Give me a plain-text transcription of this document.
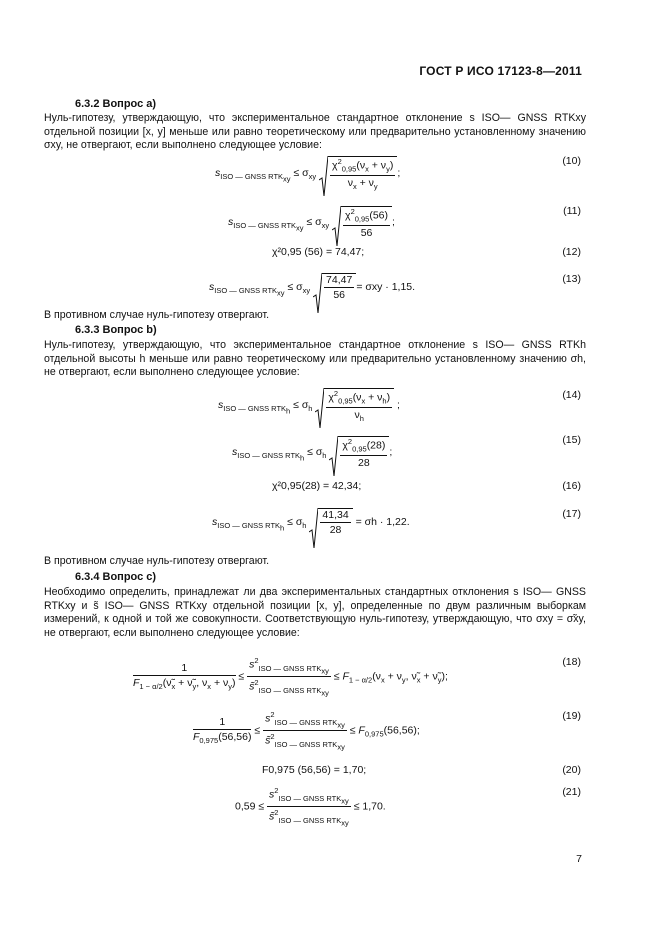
ГОСТ Р ИСО 17123-8—2011
6.3.2 Вопрос а)
Нуль-гипотезу, утверждающую, что экспериментальное стандартное отклонение s ISO— GNSS RTKxy отдельной позиции [x, y] меньше или равно теоретическому или предварительно установленному значению σxy, не отвергают, если выполнено следующее условие:
$s_{ISO — GNSS RTK_{xy}} \le \sigma_{xy} \frac{\chi^2_{0,95}(\nu_x + \nu_y)}{\nu_x + \nu_y}$ ;
(10)
$s_{ISO — GNSS RTK_{xy}} \le \sigma_{xy} \frac{\chi^2_{0,95}(56)}{56}$ ;
(11)
χ²0,95 (56) = 74,47;	(12)
$s_{ISO — GNSS RTK_{xy}} \le \sigma_{xy} \frac{74,47}{56} = \sigma xy \cdot 1,15$.
(13)
В противном случае нуль-гипотезу отвергают.
6.3.3 Вопрос b)
Нуль-гипотезу, утверждающую, что экспериментальное стандартное отклонение s ISO— GNSS RTKh отдельной высоты h меньше или равно теоретическому или предварительно установленному значению σh, не отвергают, если выполнено следующее условие:
$s_{ISO — GNSS RTK_h} \le \sigma_h \frac{\chi^2_{0,95}(\nu_x + \nu_h)}{\nu_h}$ ;
(14)
$s_{ISO — GNSS RTK_h} \le \sigma_h \frac{\chi^2_{0,95}(28)}{28}$ ;
(15)
χ²0,95(28) = 42,34;	(16)
$s_{ISO — GNSS RTK_h} \le \sigma_h \frac{41,34}{28} = \sigma h \cdot 1,22$.
(17)
В противном случае нуль-гипотезу отвергают.
6.3.4 Вопрос с)
Необходимо определить, принадлежат ли два экспериментальных стандартных отклонения s ISO— GNSS RTKxy и s̃ ISO— GNSS RTKxy отдельной позиции [x, y], определенные по двум различным выборкам измерений, к одной и той же совокупности. Соответствующую нуль-гипотезу, утверждающую, что σxy = σ̃xy, не отвергают, если выполнено следующее условие:
$\frac{1}{F_{1 - \alpha/2}(\nũ_x + \nũ_y, \nu_x + \nu_y)} \le \frac{s^2_{ISO — GNSS RTK_{xy}}}{s̃^2_{ISO — GNSS RTK_{xy}}} \le F_{1 - \alpha/2}(\nu_x + \nu_y$, $\nũ_x$ + $\nũ_y$);
(18)
$\frac{1}{F_{0,975}(56,56)} \le \frac{s^2_{ISO — GNSS RTK_{xy}}}{s̃^2_{ISO — GNSS RTK_{xy}}} \le F_{0,975}(56,56)$;
(19)
F0,975 (56,56) = 1,70;	(20)
$0,59 \le \frac{s^2_{ISO — GNSS RTK_{xy}}}{s̃^2_{ISO — GNSS RTK_{xy}}} \le 1,70$.
(21)
7
